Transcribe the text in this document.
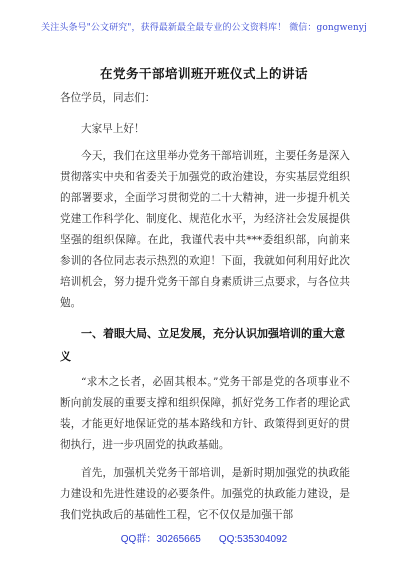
关注头条号"公文研究"，获得最新最全最专业的公文资料库！ 微信：gongwenyj
在党务干部培训班开班仪式上的讲话

各位学员，同志们：

大家早上好！

今天，我们在这里举办党务干部培训班，主要任务是深入贯彻落实中央和省委关于加强党的政治建设，夯实基层党组织的部署要求，全面学习贯彻党的二十大精神，进一步提升机关党建工作科学化、制度化、规范化水平，为经济社会发展提供坚强的组织保障。在此，我谨代表中共***委组织部，向前来参训的各位同志表示热烈的欢迎！下面，我就如何利用好此次培训机会，努力提升党务干部自身素质讲三点要求，与各位共勉。

一、着眼大局、立足发展，充分认识加强培训的重大意义

“求木之长者，必固其根本。”党务干部是党的各项事业不断向前发展的重要支撑和组织保障，抓好党务工作者的理论武装，才能更好地保证党的基本路线和方针、政策得到更好的贯彻执行，进一步巩固党的执政基础。

首先，加强机关党务干部培训，是新时期加强党的执政能力建设和先进性建设的必要条件。加强党的执政能力建设，是我们党执政后的基础性工程，它不仅仅是加强干部

QQ群：30265665 QQ:535304092
